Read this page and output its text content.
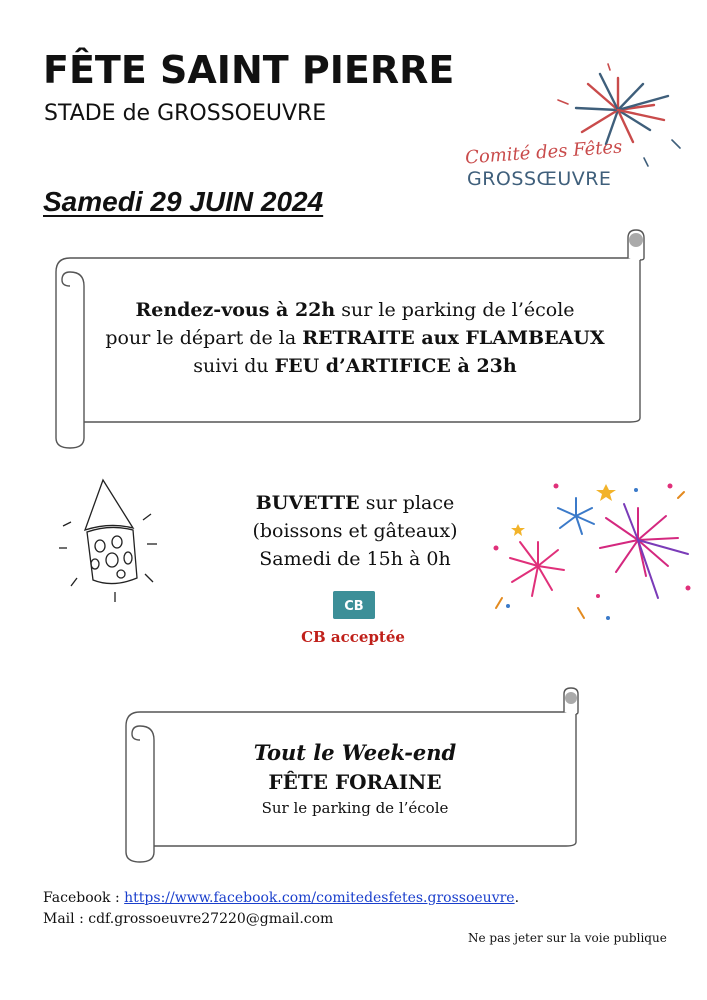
FÊTE SAINT PIERRE
STADE de GROSSOEUVRE
Samedi 29 JUIN 2024
Comité des Fêtes
GROSSŒUVRE
Rendez-vous à 22h sur le parking de l’école
pour le départ de la RETRAITE aux FLAMBEAUX
suivi du FEU d’ARTIFICE à 23h
BUVETTE sur place
(boissons et gâteaux)
Samedi de 15h à 0h
CB
CB acceptée
Tout le Week-end
FÊTE FORAINE
Sur le parking de l’école
Facebook : https://www.facebook.com/comitedesfetes.grossoeuvre.
Mail : cdf.grossoeuvre27220@gmail.com
Ne pas jeter sur la voie publique
